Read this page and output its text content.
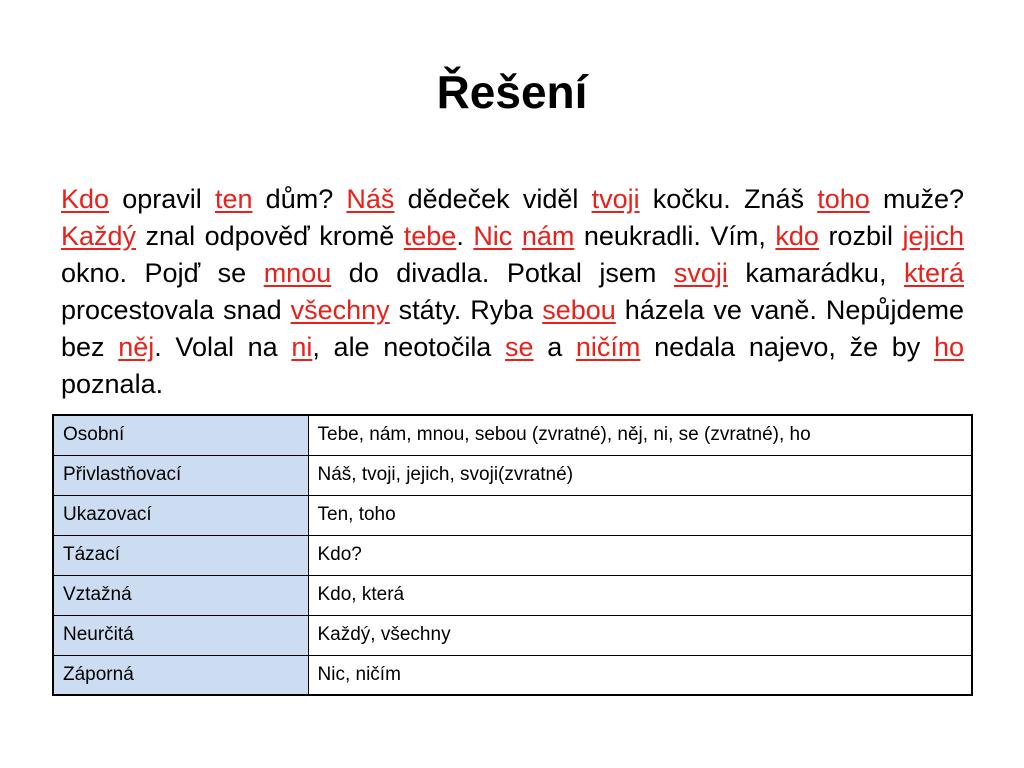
Řešení

Kdo opravil ten dům? Náš dědeček viděl tvoji kočku. Znáš toho muže? Každý znal odpověď kromě tebe. Nic nám neukradli. Vím, kdo rozbil jejich okno. Pojď se mnou do divadla. Potkal jsem svoji kamarádku, která procestovala snad všechny státy. Ryba sebou házela ve vaně. Nepůjdeme bez něj. Volal na ni, ale neotočila se a ničím nedala najevo, že by ho poznala.

Osobní	Tebe, nám, mnou, sebou (zvratné), něj, ni, se (zvratné), ho
Přivlastňovací	Náš, tvoji, jejich, svoji(zvratné)
Ukazovací	Ten, toho
Tázací	Kdo?
Vztažná	Kdo, která
Neurčitá	Každý, všechny
Záporná	Nic, ničím
